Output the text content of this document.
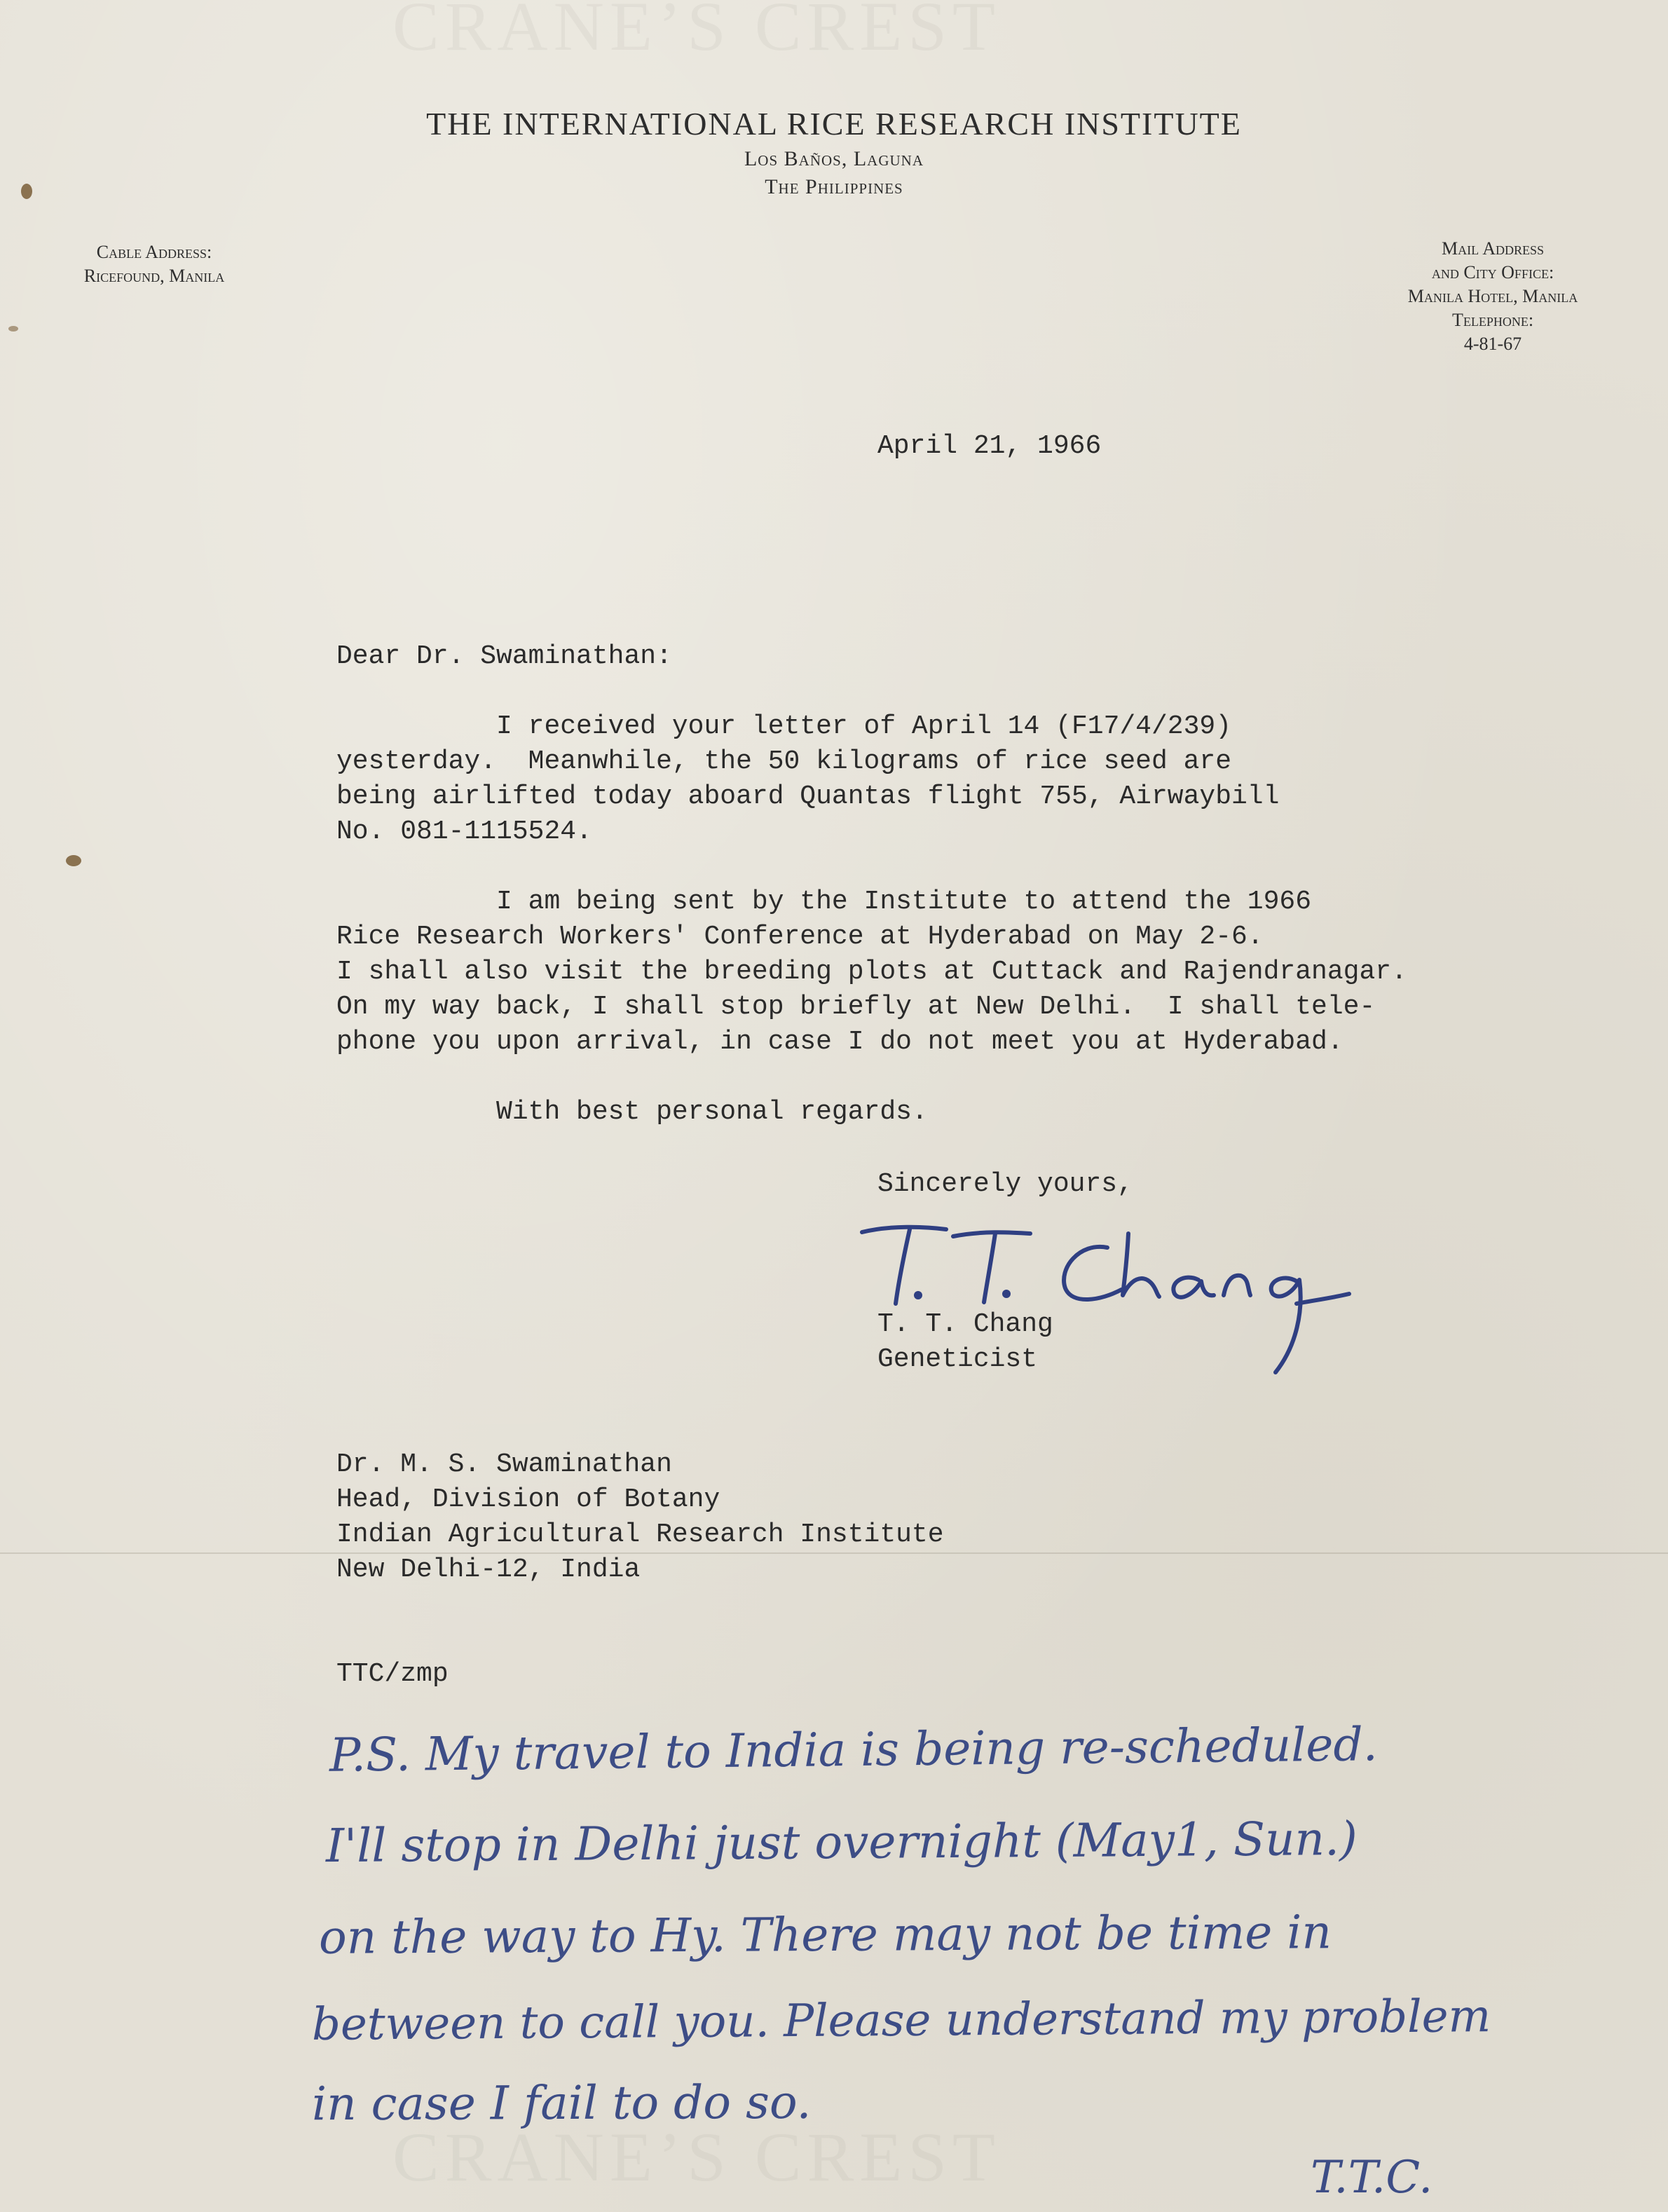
CRANE’S CREST
CRANE’S CREST
THE INTERNATIONAL RICE RESEARCH INSTITUTE
Los Baños, Laguna
The Philippines
Cable Address:
Ricefound, Manila
Mail Address
and City Office:
Manila Hotel, Manila
Telephone:
4-81-67
April 21, 1966
Dear Dr. Swaminathan:
I received your letter of April 14 (F17/4/239)
yesterday.  Meanwhile, the 50 kilograms of rice seed are
being airlifted today aboard Quantas flight 755, Airwaybill
No. 081-1115524.
I am being sent by the Institute to attend the 1966
Rice Research Workers' Conference at Hyderabad on May 2-6.
I shall also visit the breeding plots at Cuttack and Rajendranagar.
On my way back, I shall stop briefly at New Delhi.  I shall tele-
phone you upon arrival, in case I do not meet you at Hyderabad.
With best personal regards.
Sincerely yours,
T. T. Chang
Geneticist
Dr. M. S. Swaminathan
Head, Division of Botany
Indian Agricultural Research Institute
New Delhi-12, India
TTC/zmp
P.S. My travel to India is being re-scheduled.
I'll stop in Delhi just overnight (May1, Sun.)
on the way to Hy. There may not be time in
between to call you. Please understand my problem
in case I fail to do so.
T.T.C.
